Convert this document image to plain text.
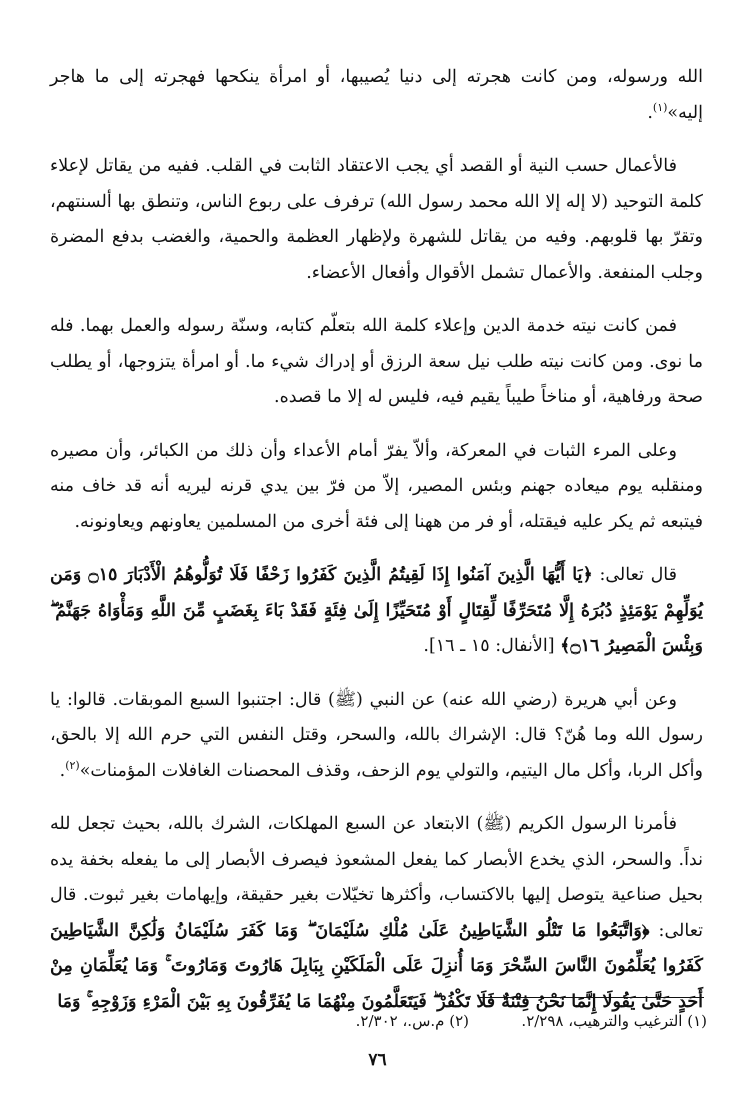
الله ورسوله، ومن كانت هجرته إلى دنيا يُصيبها، أو امرأة ينكحها فهجرته إلى ما هاجر إليه»$^{(١)}$.

فالأعمال حسب النية أو القصد أي يجب الاعتقاد الثابت في القلب. ففيه من يقاتل لإعلاء كلمة التوحيد (لا إله إلا الله محمد رسول الله) ترفرف على ربوع الناس، وتنطق بها ألسنتهم، وتقرّ بها قلوبهم. وفيه من يقاتل للشهرة ولإظهار العظمة والحمية، والغضب بدفع المضرة وجلب المنفعة. والأعمال تشمل الأقوال وأفعال الأعضاء.

فمن كانت نيته خدمة الدين وإعلاء كلمة الله بتعلّم كتابه، وسنّة رسوله والعمل بهما. فله ما نوى. ومن كانت نيته طلب نيل سعة الرزق أو إدراك شيء ما. أو امرأة يتزوجها، أو يطلب صحة ورفاهية، أو مناخاً طيباً يقيم فيه، فليس له إلا ما قصده.

وعلى المرء الثبات في المعركة، وألاّ يفرّ أمام الأعداء وأن ذلك من الكبائر، وأن مصيره ومنقلبه يوم ميعاده جهنم وبئس المصير، إلاّ من فرّ بين يدي قرنه ليريه أنه قد خاف منه فيتبعه ثم يكر عليه فيقتله، أو فر من ههنا إلى فئة أخرى من المسلمين يعاونهم ويعاونونه.

قال تعالى: ﴿يَا أَيُّهَا الَّذِينَ آمَنُوا إِذَا لَقِيتُمُ الَّذِينَ كَفَرُوا زَحْفًا فَلَا تُوَلُّوهُمُ الْأَدْبَارَ ۝١٥ وَمَن يُوَلِّهِمْ يَوْمَئِذٍ دُبُرَهُ إِلَّا مُتَحَرِّفًا لِّقِتَالٍ أَوْ مُتَحَيِّزًا إِلَىٰ فِئَةٍ فَقَدْ بَاءَ بِغَضَبٍ مِّنَ اللَّهِ وَمَأْوَاهُ جَهَنَّمُ ۖ وَبِئْسَ الْمَصِيرُ ۝١٦﴾ [الأنفال: ١٥ ـ ١٦].

وعن أبي هريرة (رضي الله عنه) عن النبي (ﷺ) قال: اجتنبوا السبع الموبقات. قالوا: يا رسول الله وما هُنّ؟ قال: الإشراك بالله، والسحر، وقتل النفس التي حرم الله إلا بالحق، وأكل الربا، وأكل مال اليتيم، والتولي يوم الزحف، وقذف المحصنات الغافلات المؤمنات»$^{(٢)}$.

فأمرنا الرسول الكريم (ﷺ) الابتعاد عن السبع المهلكات، الشرك بالله، بحيث تجعل لله نداً. والسحر، الذي يخدع الأبصار كما يفعل المشعوذ فيصرف الأبصار إلى ما يفعله بخفة يده بحيل صناعية يتوصل إليها بالاكتساب، وأكثرها تخيّلات بغير حقيقة، وإيهامات بغير ثبوت. قال تعالى: ﴿وَاتَّبَعُوا مَا تَتْلُو الشَّيَاطِينُ عَلَىٰ مُلْكِ سُلَيْمَانَ ۖ وَمَا كَفَرَ سُلَيْمَانُ وَلَٰكِنَّ الشَّيَاطِينَ كَفَرُوا يُعَلِّمُونَ النَّاسَ السِّحْرَ وَمَا أُنزِلَ عَلَى الْمَلَكَيْنِ بِبَابِلَ هَارُوتَ وَمَارُوتَ ۚ وَمَا يُعَلِّمَانِ مِنْ أَحَدٍ حَتَّىٰ يَقُولَا إِنَّمَا نَحْنُ فِتْنَةٌ فَلَا تَكْفُرْ ۖ فَيَتَعَلَّمُونَ مِنْهُمَا مَا يُفَرِّقُونَ بِهِ بَيْنَ الْمَرْءِ وَزَوْجِهِ ۚ وَمَا

(١) الترغيب والترهيب، ٢/٢٩٨.
(٢) م.س.، ٢/٣٠٢.
٧٦
